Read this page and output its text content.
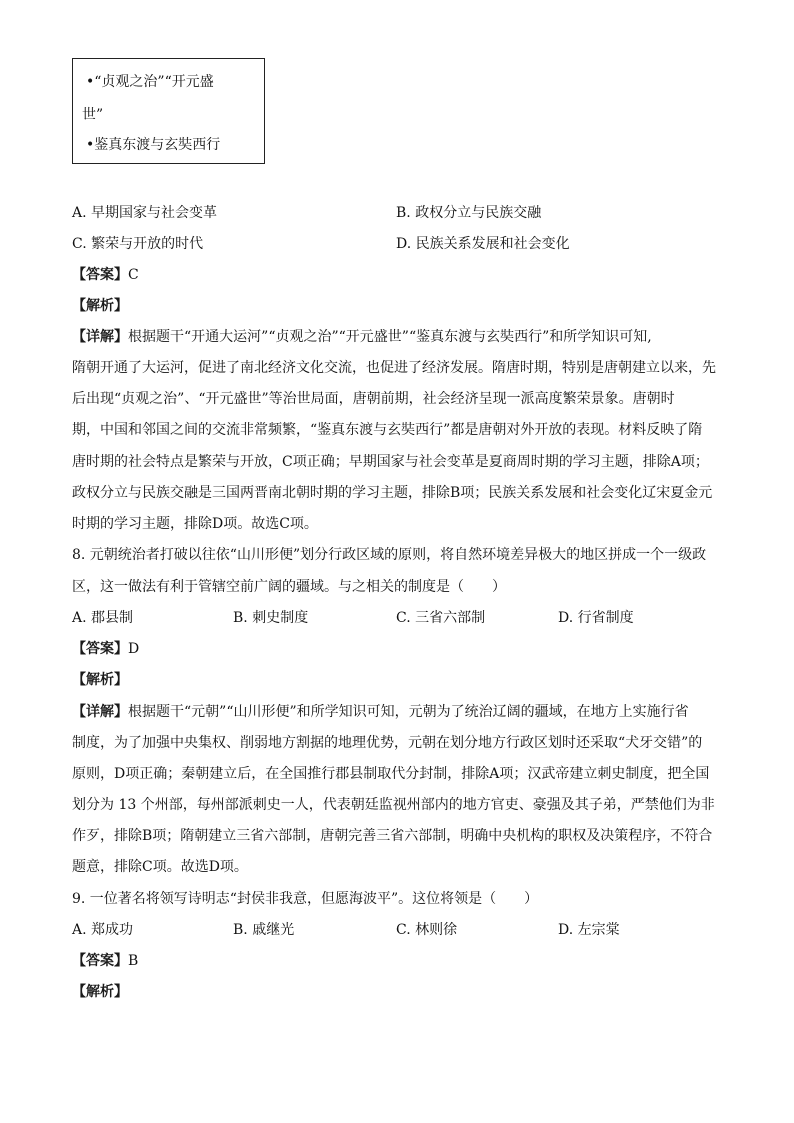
•“贞观之治”“开元盛
世”
•鉴真东渡与玄奘西行
A. 早期国家与社会变革	B. 政权分立与民族交融
C. 繁荣与开放的时代	D. 民族关系发展和社会变化
【答案】C
【解析】
【详解】根据题干“开通大运河”“贞观之治”“开元盛世”“鉴真东渡与玄奘西行”和所学知识可知,
隋朝开通了大运河，促进了南北经济文化交流，也促进了经济发展。隋唐时期，特别是唐朝建立以来，先
后出现“贞观之治”、“开元盛世”等治世局面，唐朝前期，社会经济呈现一派高度繁荣景象。唐朝时
期，中国和邻国之间的交流非常频繁，“鉴真东渡与玄奘西行”都是唐朝对外开放的表现。材料反映了隋
唐时期的社会特点是繁荣与开放，C项正确；早期国家与社会变革是夏商周时期的学习主题，排除A项；
政权分立与民族交融是三国两晋南北朝时期的学习主题，排除B项；民族关系发展和社会变化辽宋夏金元
时期的学习主题，排除D项。故选C项。
8. 元朝统治者打破以往依“山川形便”划分行政区域的原则，将自然环境差异极大的地区拼成一个一级政
区，这一做法有利于管辖空前广阔的疆域。与之相关的制度是（　　）
A. 郡县制	B. 刺史制度	C. 三省六部制	D. 行省制度
【答案】D
【解析】
【详解】根据题干“元朝”“山川形便”和所学知识可知，元朝为了统治辽阔的疆域，在地方上实施行省
制度，为了加强中央集权、削弱地方割据的地理优势，元朝在划分地方行政区划时还采取“犬牙交错”的
原则，D项正确；秦朝建立后，在全国推行郡县制取代分封制，排除A项；汉武帝建立刺史制度，把全国
划分为 13 个州部，每州部派刺史一人，代表朝廷监视州部内的地方官吏、豪强及其子弟，严禁他们为非
作歹，排除B项；隋朝建立三省六部制，唐朝完善三省六部制，明确中央机构的职权及决策程序，不符合
题意，排除C项。故选D项。
9. 一位著名将领写诗明志“封侯非我意，但愿海波平”。这位将领是（　　）
A. 郑成功	B. 戚继光	C. 林则徐	D. 左宗棠
【答案】B
【解析】
